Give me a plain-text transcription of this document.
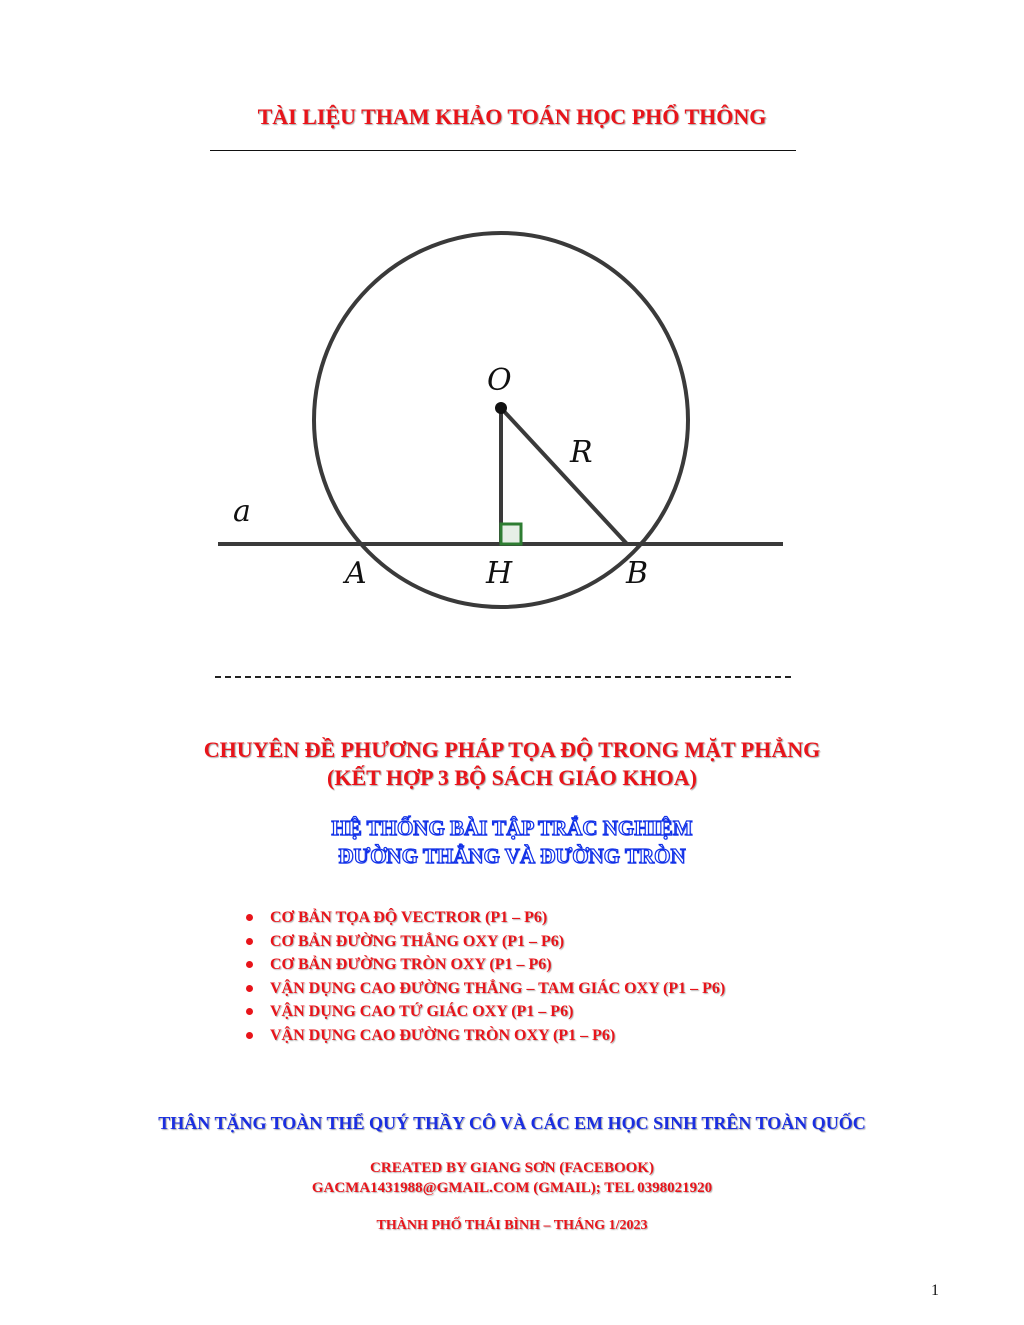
TÀI LIỆU THAM KHẢO TOÁN HỌC PHỔ THÔNG
O
R
a
A	H	B
CHUYÊN ĐỀ PHƯƠNG PHÁP TỌA ĐỘ TRONG MẶT PHẲNG
(KẾT HỢP 3 BỘ SÁCH GIÁO KHOA)
HỆ THỐNG BÀI TẬP TRẮC NGHIỆM
ĐƯỜNG THẲNG VÀ ĐƯỜNG TRÒN
CƠ BẢN TỌA ĐỘ VECTROR (P1 – P6)
CƠ BẢN ĐƯỜNG THẲNG OXY (P1 – P6)
CƠ BẢN ĐƯỜNG TRÒN OXY (P1 – P6)
VẬN DỤNG CAO ĐƯỜNG THẲNG – TAM GIÁC OXY (P1 – P6)
VẬN DỤNG CAO TỨ GIÁC OXY (P1 – P6)
VẬN DỤNG CAO ĐƯỜNG TRÒN OXY (P1 – P6)
THÂN TẶNG TOÀN THỂ QUÝ THẦY CÔ VÀ CÁC EM HỌC SINH TRÊN TOÀN QUỐC
CREATED BY GIANG SƠN (FACEBOOK)
GACMA1431988@GMAIL.COM (GMAIL); TEL 0398021920
THÀNH PHỐ THÁI BÌNH – THÁNG 1/2023
1
